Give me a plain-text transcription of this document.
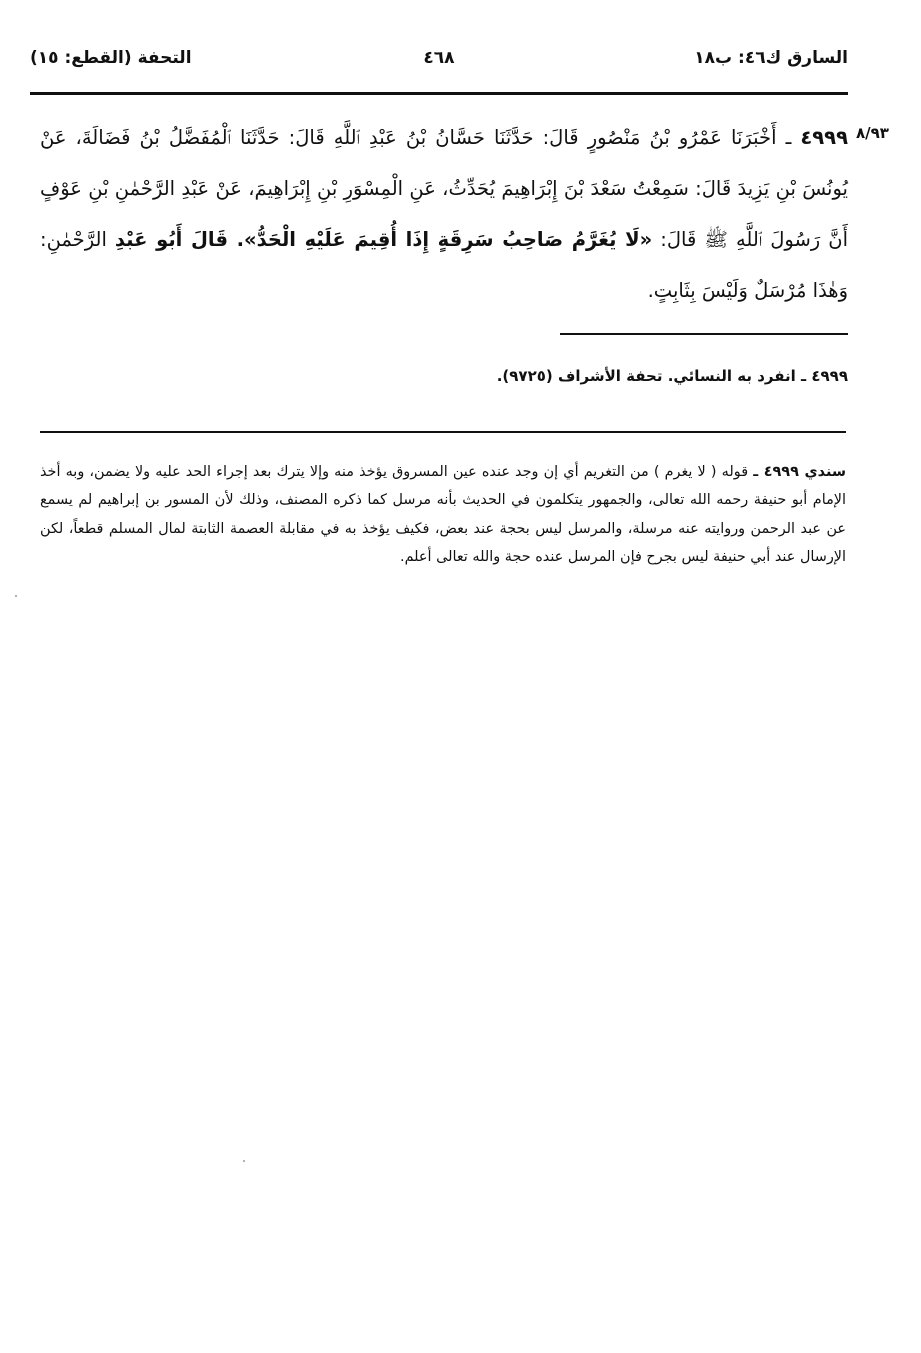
السارق ك٤٦: ب١٨
٤٦٨
التحفة (القطع: ١٥)
٨/٩٣
٤٩٩٩ ـ أَخْبَرَنَا عَمْرُو بْنُ مَنْصُورٍ قَالَ: حَدَّثَنَا حَسَّانُ بْنُ عَبْدِ ٱللَّهِ قَالَ: حَدَّثَنَا ٱلْمُفَضَّلُ بْنُ فَضَالَةَ، عَنْ يُونُسَ بْنِ يَزِيدَ قَالَ: سَمِعْتُ سَعْدَ بْنَ إِبْرَاهِيمَ يُحَدِّثُ، عَنِ الْمِسْوَرِ بْنِ إِبْرَاهِيمَ، عَنْ عَبْدِ الرَّحْمٰنِ بْنِ عَوْفٍ أَنَّ رَسُولَ ٱللَّهِ ﷺ قَالَ: «لَا يُغَرَّمُ صَاحِبُ سَرِقَةٍ إِذَا أُقِيمَ عَلَيْهِ الْحَدُّ». قَالَ أَبُو عَبْدِ الرَّحْمٰنِ: وَهٰذَا مُرْسَلٌ وَلَيْسَ بِثَابِتٍ.
٤٩٩٩ ـ انفرد به النسائي. تحفة الأشراف (٩٧٢٥).
سندي ٤٩٩٩ ـ قوله ( لا يغرم ) من التغريم أي إن وجد عنده عين المسروق يؤخذ منه وإلا يترك بعد إجراء الحد عليه ولا يضمن، وبه أخذ الإمام أبو حنيفة رحمه الله تعالى، والجمهور يتكلمون في الحديث بأنه مرسل كما ذكره المصنف، وذلك لأن المسور بن إبراهيم لم يسمع عن عبد الرحمن وروايته عنه مرسلة، والمرسل ليس بحجة عند بعض، فكيف يؤخذ به في مقابلة العصمة الثابتة لمال المسلم قطعاً، لكن الإرسال عند أبي حنيفة ليس بجرح فإن المرسل عنده حجة والله تعالى أعلم.
